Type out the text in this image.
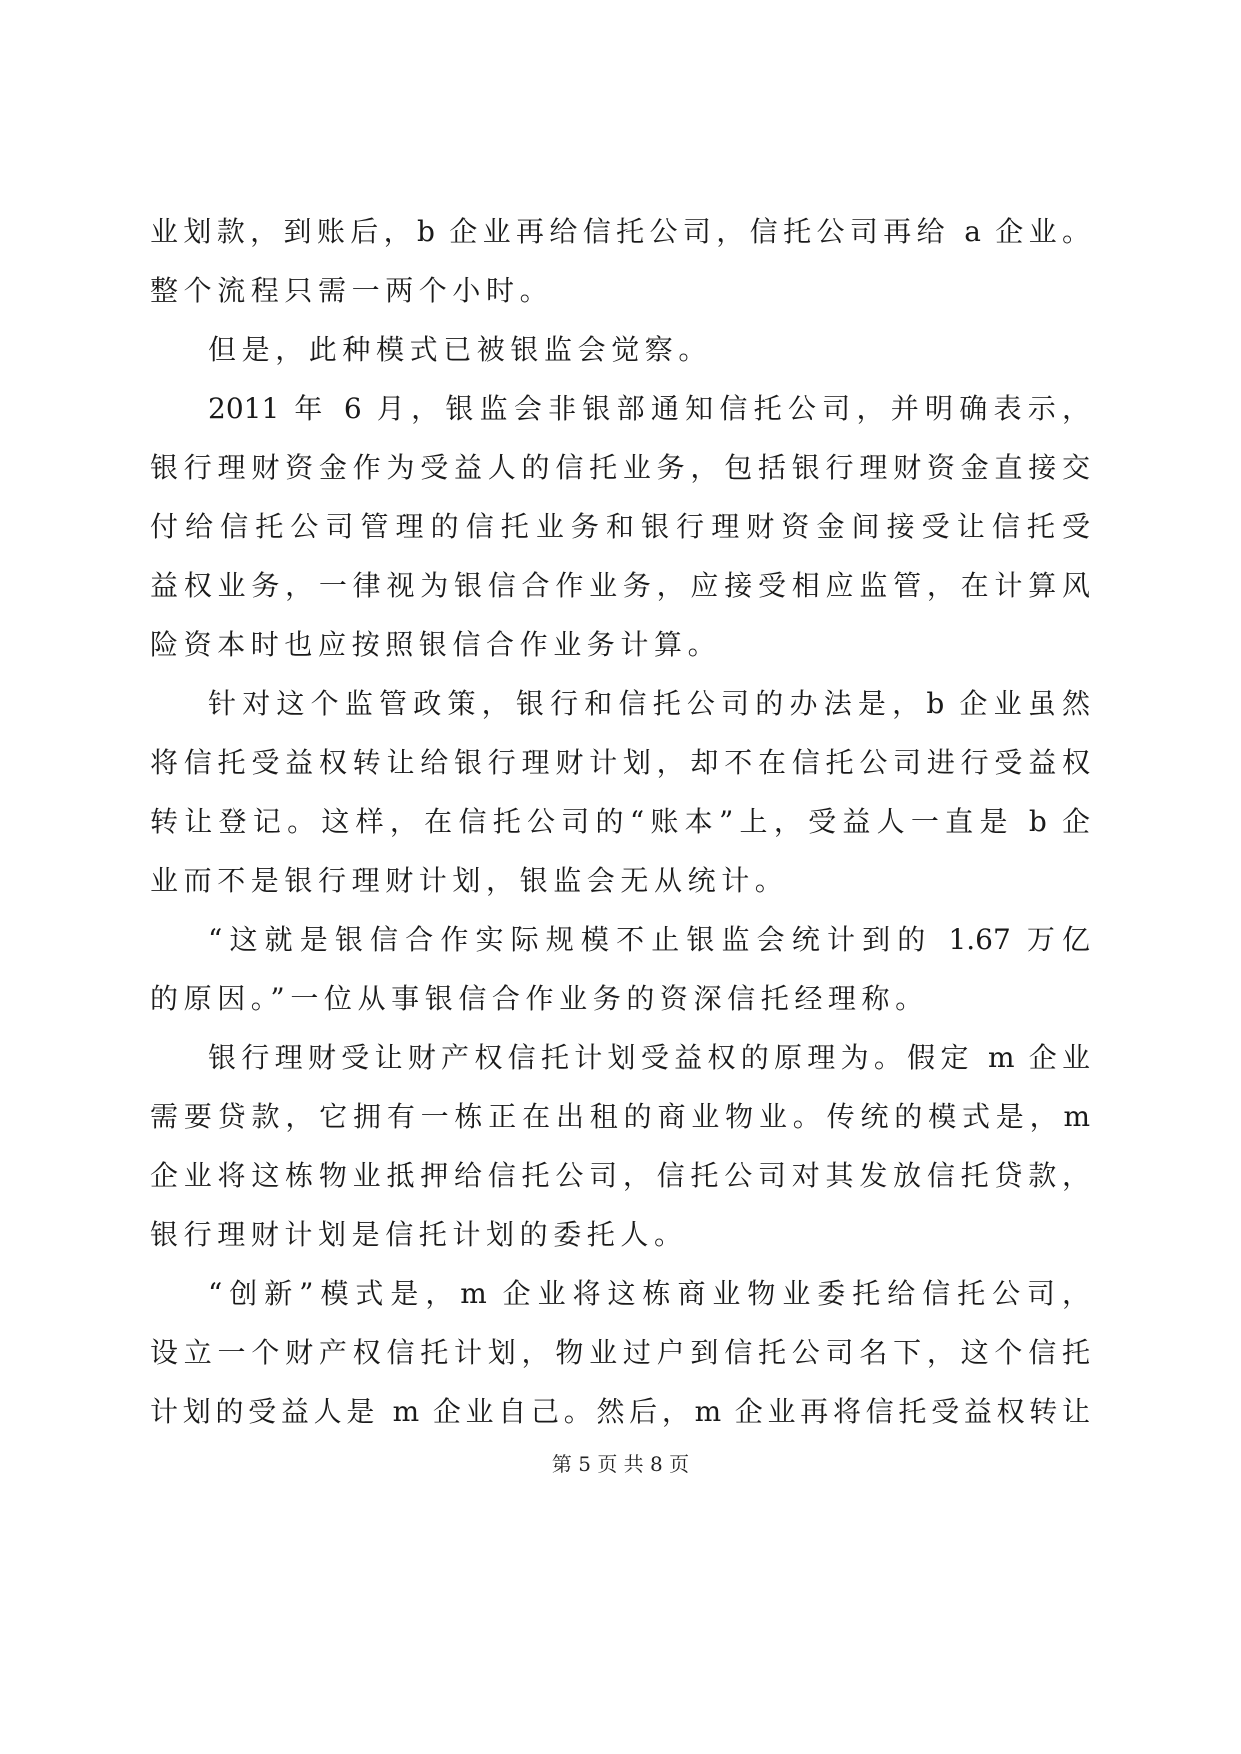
业划款，到账后，b 企业再给信托公司，信托公司再给 a 企业。
整个流程只需一两个小时。
但是，此种模式已被银监会觉察。
2011 年 6 月，银监会非银部通知信托公司，并明确表示，
银行理财资金作为受益人的信托业务，包括银行理财资金直接交
付给信托公司管理的信托业务和银行理财资金间接受让信托受
益权业务，一律视为银信合作业务，应接受相应监管，在计算风
险资本时也应按照银信合作业务计算。
针对这个监管政策，银行和信托公司的办法是，b 企业虽然
将信托受益权转让给银行理财计划，却不在信托公司进行受益权
转让登记。这样，在信托公司的“账本”上，受益人一直是 b 企
业而不是银行理财计划，银监会无从统计。
“这就是银信合作实际规模不止银监会统计到的 1.67 万亿
的原因。”一位从事银信合作业务的资深信托经理称。
银行理财受让财产权信托计划受益权的原理为。假定 m 企业
需要贷款，它拥有一栋正在出租的商业物业。传统的模式是，m
企业将这栋物业抵押给信托公司，信托公司对其发放信托贷款，
银行理财计划是信托计划的委托人。
“创新”模式是，m 企业将这栋商业物业委托给信托公司，
设立一个财产权信托计划，物业过户到信托公司名下，这个信托
计划的受益人是 m 企业自己。然后，m 企业再将信托受益权转让
第 5 页 共 8 页
